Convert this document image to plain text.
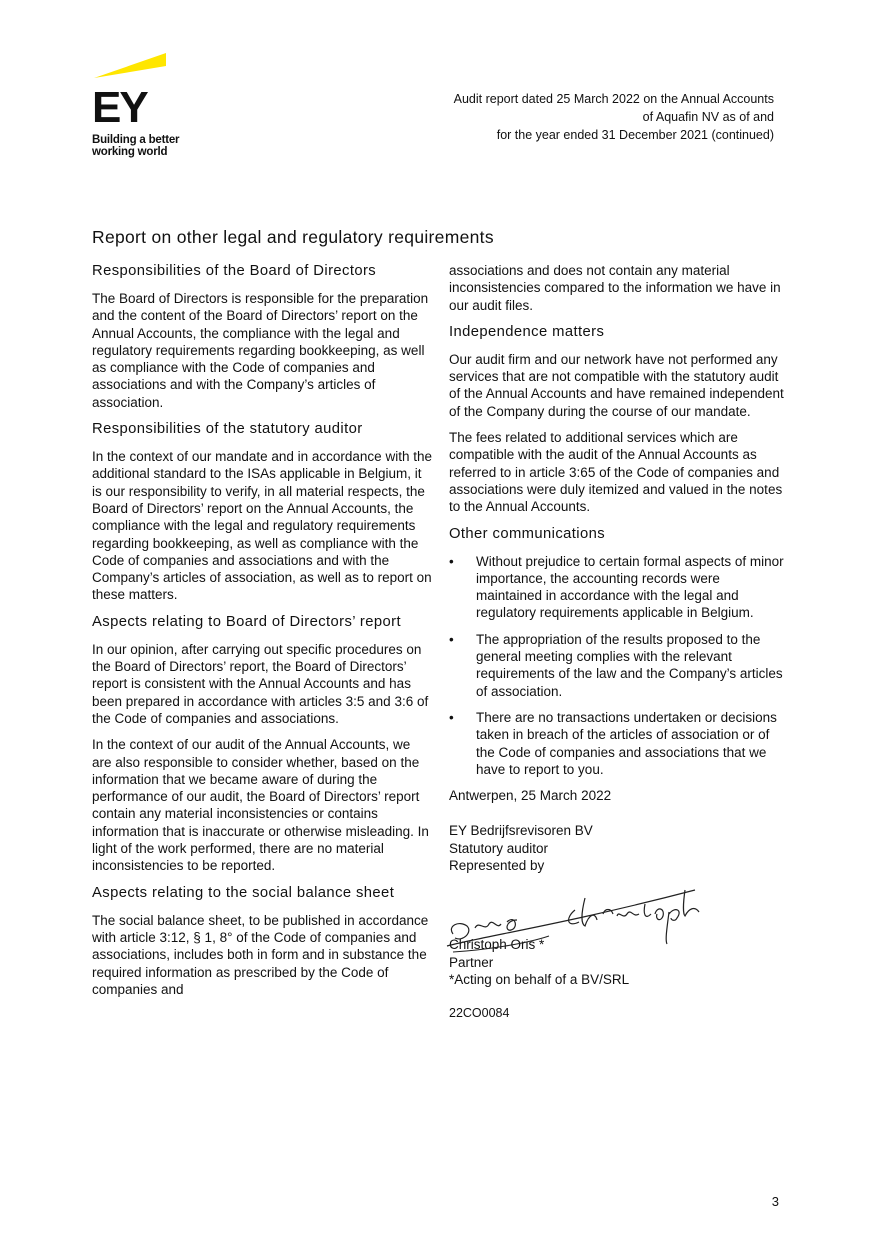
EY
Building a better
working world
Audit report dated 25 March 2022 on the Annual Accounts
of Aquafin NV as of and
for the year ended 31 December 2021 (continued)
Report on other legal and regulatory requirements
Responsibilities of the Board of Directors

The Board of Directors is responsible for the preparation and the content of the Board of Directors’ report on the Annual Accounts, the compliance with the legal and regulatory requirements regarding bookkeeping, as well as compliance with the Code of companies and associations and with the Company’s articles of association.

Responsibilities of the statutory auditor

In the context of our mandate and in accordance with the additional standard to the ISAs applicable in Belgium, it is our responsibility to verify, in all material respects, the Board of Directors’ report on the Annual Accounts, the compliance with the legal and regulatory requirements regarding bookkeeping, as well as compliance with the Code of companies and associations and with the Company’s articles of association, as well as to report on these matters.

Aspects relating to Board of Directors’ report

In our opinion, after carrying out specific procedures on the Board of Directors’ report, the Board of Directors’ report is consistent with the Annual Accounts and has been prepared in accordance with articles 3:5 and 3:6 of the Code of companies and associations.

In the context of our audit of the Annual Accounts, we are also responsible to consider whether, based on the information that we became aware of during the performance of our audit, the Board of Directors’ report contain any material inconsistencies or contains information that is inaccurate or otherwise misleading. In light of the work performed, there are no material inconsistencies to be reported.

Aspects relating to the social balance sheet

The social balance sheet, to be published in accordance with article 3:12, § 1, 8° of the Code of companies and associations, includes both in form and in substance the required information as prescribed by the Code of companies and

associations and does not contain any material inconsistencies compared to the information we have in our audit files.

Independence matters

Our audit firm and our network have not performed any services that are not compatible with the statutory audit of the Annual Accounts and have remained independent of the Company during the course of our mandate.

The fees related to additional services which are compatible with the audit of the Annual Accounts as referred to in article 3:65 of the Code of companies and associations were duly itemized and valued in the notes to the Annual Accounts.

Other communications
• Without prejudice to certain formal aspects of minor importance, the accounting records were maintained in accordance with the legal and regulatory requirements applicable in Belgium.
• The appropriation of the results proposed to the general meeting complies with the relevant requirements of the law and the Company’s articles of association.
• There are no transactions undertaken or decisions taken in breach of the articles of association or of the Code of companies and associations that we have to report to you.

Antwerpen, 25 March 2022

EY Bedrijfsrevisoren BV
Statutory auditor
Represented by
Christoph Oris *
Partner
*Acting on behalf of a BV/SRL
22CO0084
3
